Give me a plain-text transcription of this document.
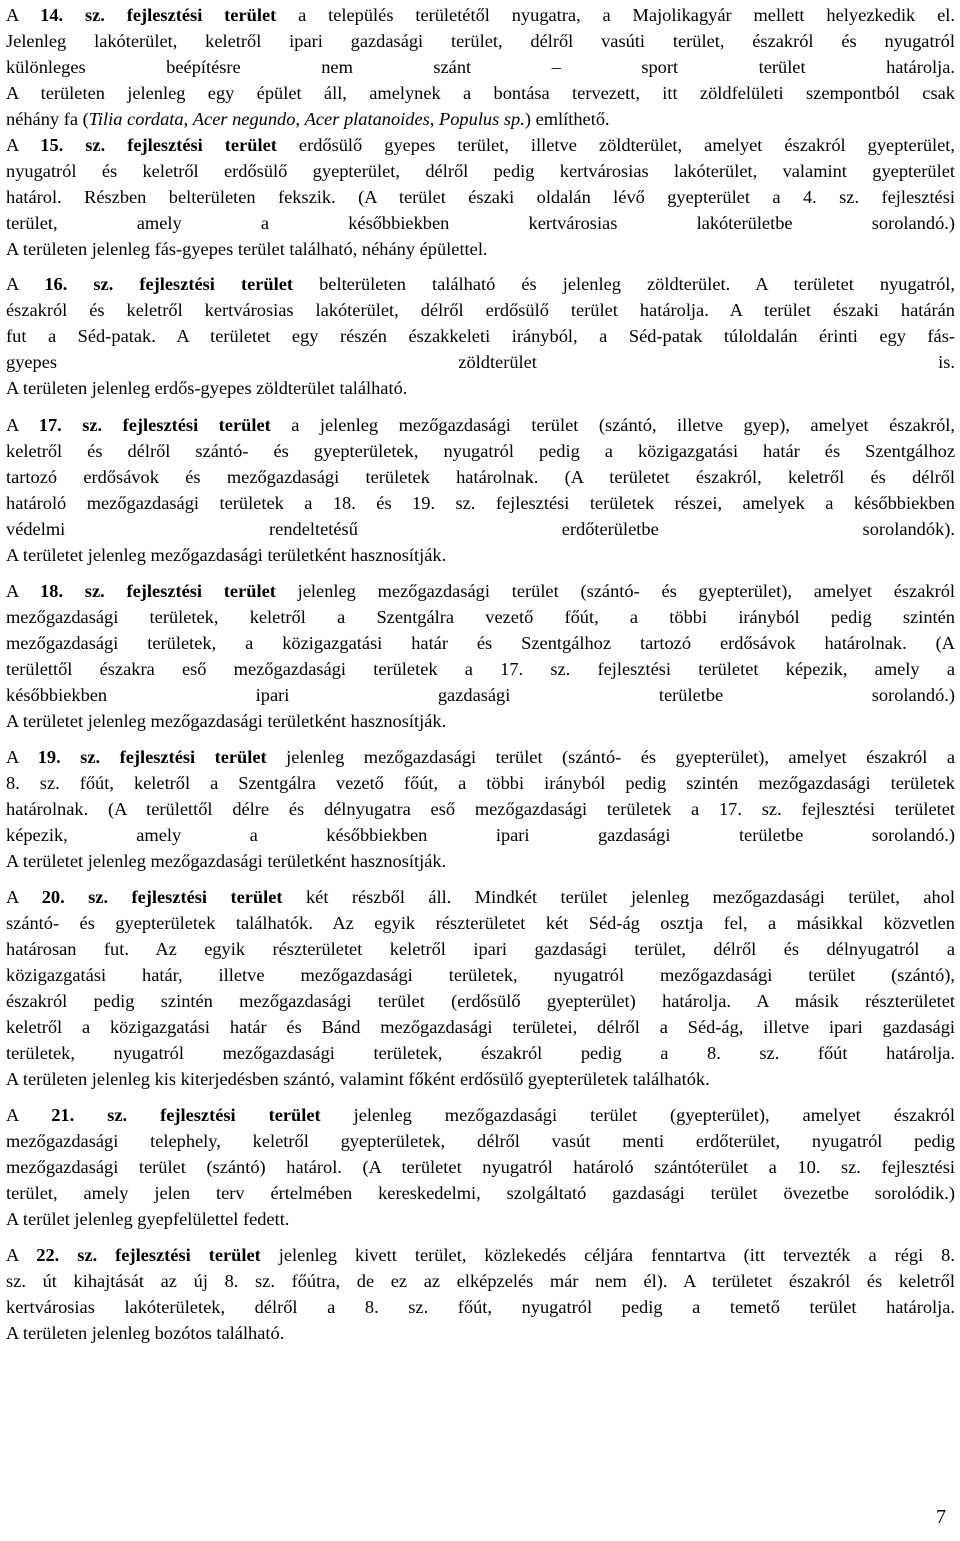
A 14. sz. fejlesztési terület a település területétől nyugatra, a Majolikagyár mellett helyezkedik el.
Jelenleg lakóterület, keletről ipari gazdasági terület, délről vasúti terület, északról és nyugatról
különleges beépítésre nem szánt – sport terület határolja.
A területen jelenleg egy épület áll, amelynek a bontása tervezett, itt zöldfelületi szempontból csak
néhány fa (Tilia cordata, Acer negundo, Acer platanoides, Populus sp.) említhető.
A 15. sz. fejlesztési terület erdősülő gyepes terület, illetve zöldterület, amelyet északról gyepterület,
nyugatról és keletről erdősülő gyepterület, délről pedig kertvárosias lakóterület, valamint gyepterület
határol. Részben belterületen fekszik. (A terület északi oldalán lévő gyepterület a 4. sz. fejlesztési
terület, amely a későbbiekben kertvárosias lakóterületbe sorolandó.)
A területen jelenleg fás-gyepes terület található, néhány épülettel.
A 16. sz. fejlesztési terület belterületen található és jelenleg zöldterület. A területet nyugatról,
északról és keletről kertvárosias lakóterület, délről erdősülő terület határolja. A terület északi határán
fut a Séd-patak. A területet egy részén északkeleti irányból, a Séd-patak túloldalán érinti egy fás-
gyepes zöldterület is.
A területen jelenleg erdős-gyepes zöldterület található.
A 17. sz. fejlesztési terület a jelenleg mezőgazdasági terület (szántó, illetve gyep), amelyet északról,
keletről és délről szántó- és gyepterületek, nyugatról pedig a közigazgatási határ és Szentgálhoz
tartozó erdősávok és mezőgazdasági területek határolnak. (A területet északról, keletről és délről
határoló mezőgazdasági területek a 18. és 19. sz. fejlesztési területek részei, amelyek a későbbiekben
védelmi rendeltetésű erdőterületbe sorolandók).
A területet jelenleg mezőgazdasági területként hasznosítják.
A 18. sz. fejlesztési terület jelenleg mezőgazdasági terület (szántó- és gyepterület), amelyet északról
mezőgazdasági területek, keletről a Szentgálra vezető főút, a többi irányból pedig szintén
mezőgazdasági területek, a közigazgatási határ és Szentgálhoz tartozó erdősávok határolnak. (A
területtől északra eső mezőgazdasági területek a 17. sz. fejlesztési területet képezik, amely a
későbbiekben ipari gazdasági területbe sorolandó.)
A területet jelenleg mezőgazdasági területként hasznosítják.
A 19. sz. fejlesztési terület jelenleg mezőgazdasági terület (szántó- és gyepterület), amelyet északról a
8. sz. főút, keletről a Szentgálra vezető főút, a többi irányból pedig szintén mezőgazdasági területek
határolnak. (A területtől délre és délnyugatra eső mezőgazdasági területek a 17. sz. fejlesztési területet
képezik, amely a későbbiekben ipari gazdasági területbe sorolandó.)
A területet jelenleg mezőgazdasági területként hasznosítják.
A 20. sz. fejlesztési terület két részből áll. Mindkét terület jelenleg mezőgazdasági terület, ahol
szántó- és gyepterületek találhatók. Az egyik részterületet két Séd-ág osztja fel, a másikkal közvetlen
határosan fut. Az egyik részterületet keletről ipari gazdasági terület, délről és délnyugatról a
közigazgatási határ, illetve mezőgazdasági területek, nyugatról mezőgazdasági terület (szántó),
északról pedig szintén mezőgazdasági terület (erdősülő gyepterület) határolja. A másik részterületet
keletről a közigazgatási határ és Bánd mezőgazdasági területei, délről a Séd-ág, illetve ipari gazdasági
területek, nyugatról mezőgazdasági területek, északról pedig a 8. sz. főút határolja.
A területen jelenleg kis kiterjedésben szántó, valamint főként erdősülő gyepterületek találhatók.
A 21. sz. fejlesztési terület jelenleg mezőgazdasági terület (gyepterület), amelyet északról
mezőgazdasági telephely, keletről gyepterületek, délről vasút menti erdőterület, nyugatról pedig
mezőgazdasági terület (szántó) határol. (A területet nyugatról határoló szántóterület a 10. sz. fejlesztési
terület, amely jelen terv értelmében kereskedelmi, szolgáltató gazdasági terület övezetbe sorolódik.)
A terület jelenleg gyepfelülettel fedett.
A 22. sz. fejlesztési terület jelenleg kivett terület, közlekedés céljára fenntartva (itt tervezték a régi 8.
sz. út kihajtását az új 8. sz. főútra, de ez az elképzelés már nem él). A területet északról és keletről
kertvárosias lakóterületek, délről a 8. sz. főút, nyugatról pedig a temető terület határolja.
A területen jelenleg bozótos található.
7
